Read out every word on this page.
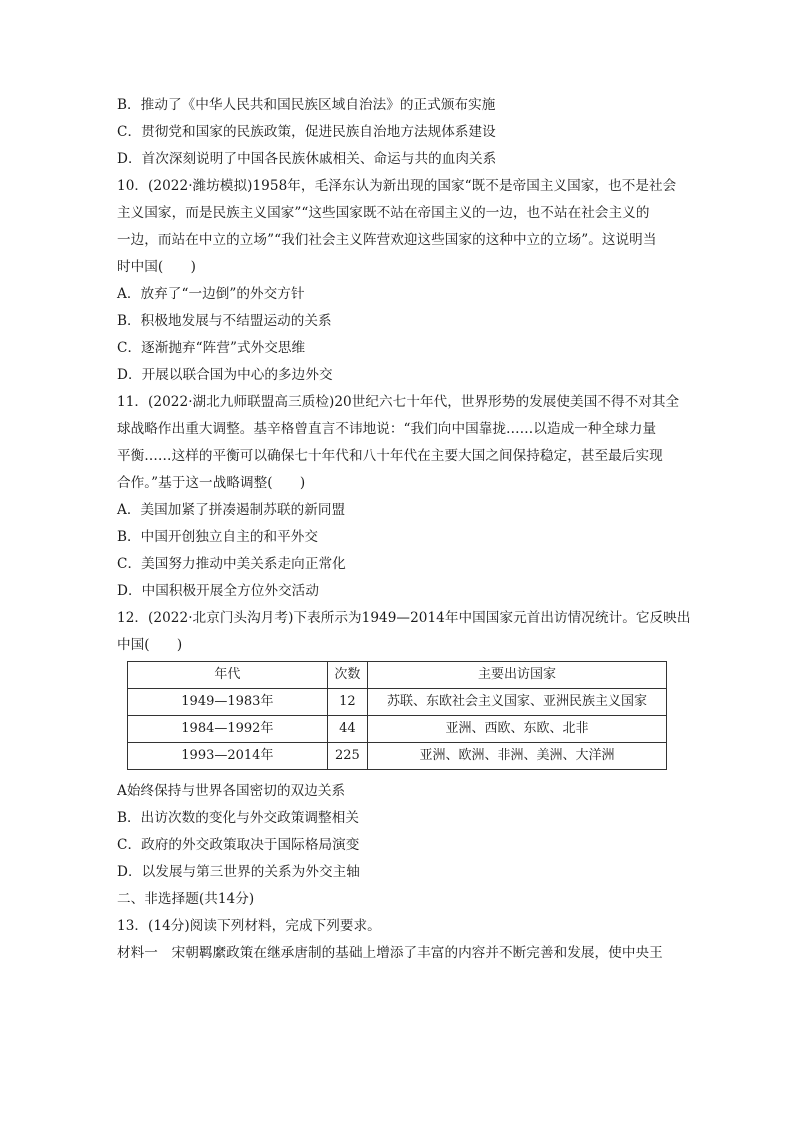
B．推动了《中华人民共和国民族区域自治法》的正式颁布实施
C．贯彻党和国家的民族政策，促进民族自治地方法规体系建设
D．首次深刻说明了中国各民族休戚相关、命运与共的血肉关系
10．(2022·潍坊模拟)1958年，毛泽东认为新出现的国家“既不是帝国主义国家，也不是社会
主义国家，而是民族主义国家”“这些国家既不站在帝国主义的一边，也不站在社会主义的
一边，而站在中立的立场”“我们社会主义阵营欢迎这些国家的这种中立的立场”。这说明当
时中国(　　)
A．放弃了“一边倒”的外交方针
B．积极地发展与不结盟运动的关系
C．逐渐抛弃“阵营”式外交思维
D．开展以联合国为中心的多边外交
11．(2022·湖北九师联盟高三质检)20世纪六七十年代，世界形势的发展使美国不得不对其全
球战略作出重大调整。基辛格曾直言不讳地说：“我们向中国靠拢……以造成一种全球力量
平衡……这样的平衡可以确保七十年代和八十年代在主要大国之间保持稳定，甚至最后实现
合作。”基于这一战略调整(　　)
A．美国加紧了拼凑遏制苏联的新同盟
B．中国开创独立自主的和平外交
C．美国努力推动中美关系走向正常化
D．中国积极开展全方位外交活动
12．(2022·北京门头沟月考)下表所示为1949—2014年中国国家元首出访情况统计。它反映出
中国(　　)
年代	次数	主要出访国家
1949—1983年	12	苏联、东欧社会主义国家、亚洲民族主义国家
1984—1992年	44	亚洲、西欧、东欧、北非
1993—2014年	225	亚洲、欧洲、非洲、美洲、大洋洲
A始终保持与世界各国密切的双边关系
B．出访次数的变化与外交政策调整相关
C．政府的外交政策取决于国际格局演变
D．以发展与第三世界的关系为外交主轴
二、非选择题(共14分)
13．(14分)阅读下列材料，完成下列要求。
材料一　宋朝羁縻政策在继承唐制的基础上增添了丰富的内容并不断完善和发展，使中央王
